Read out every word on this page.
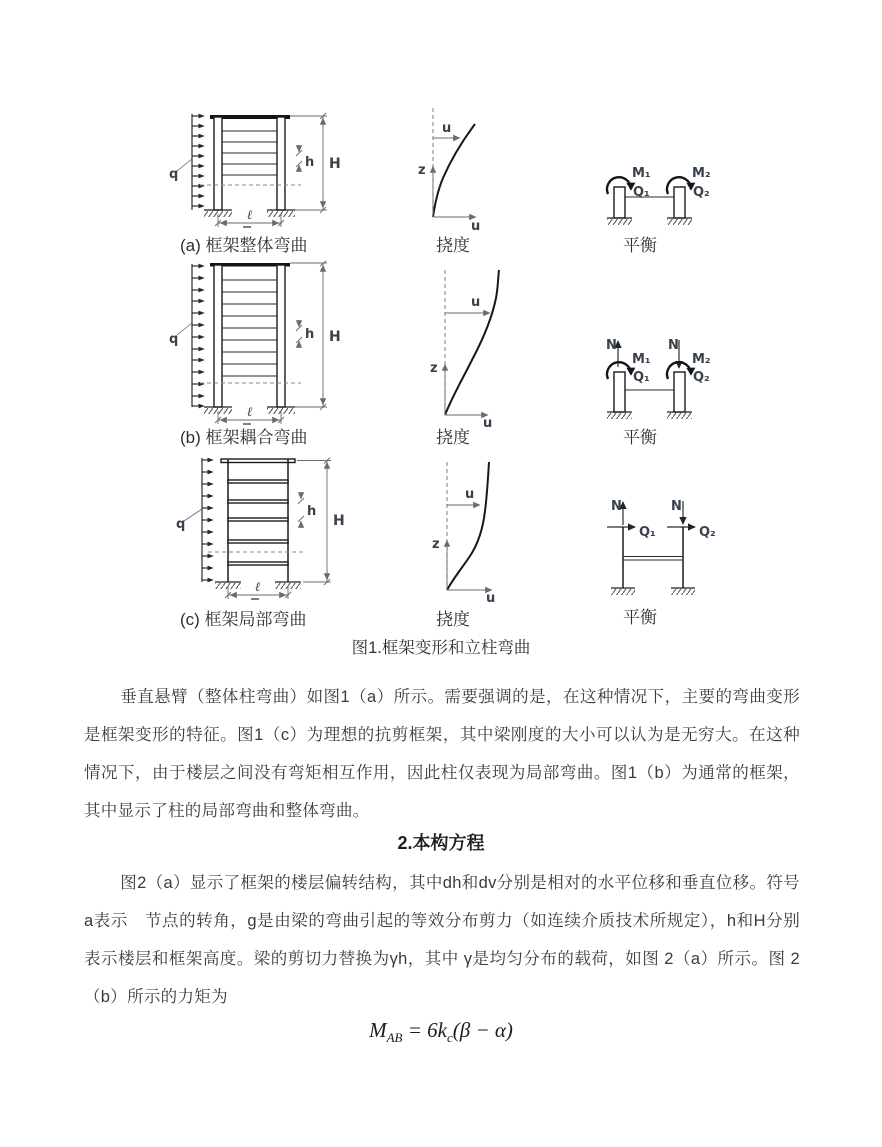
q
h H
ℓ
z
u
u
M₁
Q₁
M₂
Q₂
(a) 框架整体弯曲	挠度	平衡
q	h H
ℓ
z
u
u
N	N
M₁
Q₁
M₂
Q₂
(b) 框架耦合弯曲	挠度	平衡
q
h
H
ℓ
z
u
u
N	N
Q₁	Q₂
(c) 框架局部弯曲	挠度	平衡
图1.框架变形和立柱弯曲

垂直悬臂（整体柱弯曲）如图1（a）所示。需要强调的是，在这种情况下，主要的弯曲变形是框架变形的特征。图1（c）为理想的抗剪框架，其中梁刚度的大小可以认为是无穷大。在这种情况下，由于楼层之间没有弯矩相互作用，因此柱仅表现为局部弯曲。图1（b）为通常的框架，其中显示了柱的局部弯曲和整体弯曲。

2.本构方程

图2（a）显示了框架的楼层偏转结构，其中dh和dv分别是相对的水平位移和垂直位移。符号a表示　节点的转角，g是由梁的弯曲引起的等效分布剪力（如连续介质技术所规定），h和H分别表示楼层和框架高度。梁的剪切力替换为γh，其中 γ是均匀分布的载荷，如图 2（a）所示。图 2（b）所示的力矩为

$M_{AB} = 6k_c(\beta - \alpha)$
